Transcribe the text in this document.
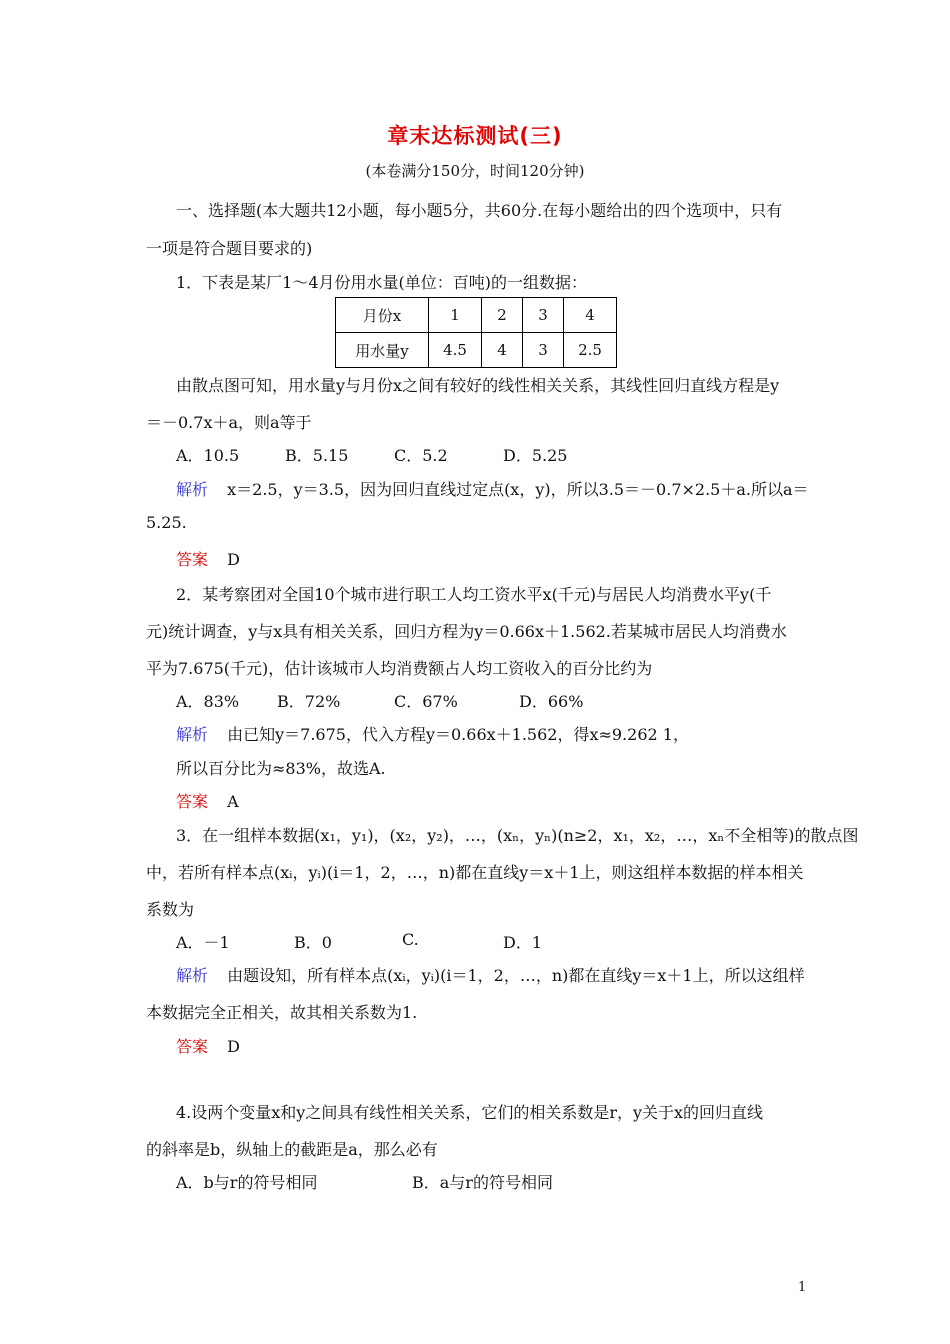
章末达标测试(三)
(本卷满分150分，时间120分钟)
一、选择题(本大题共12小题，每小题5分，共60分.在每小题给出的四个选项中，只有
一项是符合题目要求的)
1．下表是某厂1～4月份用水量(单位：百吨)的一组数据：
月份x	1	2	3	4
用水量y	4.5	4	3	2.5
由散点图可知，用水量y与月份x之间有较好的线性相关关系，其线性回归直线方程是y
＝－0.7x＋a，则a等于
A．10.5	B．5.15	C．5.2	D．5.25
解析 x＝2.5，y＝3.5，因为回归直线过定点(x，y)，所以3.5＝－0.7×2.5＋a.所以a＝
5.25.
答案 D
2．某考察团对全国10个城市进行职工人均工资水平x(千元)与居民人均消费水平y(千
元)统计调查，y与x具有相关关系，回归方程为y＝0.66x＋1.562.若某城市居民人均消费水
平为7.675(千元)，估计该城市人均消费额占人均工资收入的百分比约为
A．83% B．72%	C．67%	D．66%
解析 由已知y＝7.675，代入方程y＝0.66x＋1.562，得x≈9.262 1，
所以百分比为≈83%，故选A.
答案 A
3．在一组样本数据(x₁，y₁)，(x₂，y₂)，…，(xₙ，yₙ)(n≥2，x₁，x₂，…，xₙ不全相等)的散点图
中，若所有样本点(xᵢ，yᵢ)(i＝1，2，…，n)都在直线y＝x＋1上，则这组样本数据的样本相关
系数为
A．－1	B．0	C.	D．1
解析 由题设知，所有样本点(xᵢ，yᵢ)(i＝1，2，…，n)都在直线y＝x＋1上，所以这组样
本数据完全正相关，故其相关系数为1.
答案 D
4.设两个变量x和y之间具有线性相关关系，它们的相关系数是r，y关于x的回归直线
的斜率是b，纵轴上的截距是a，那么必有
A．b与r的符号相同	B．a与r的符号相同
1
